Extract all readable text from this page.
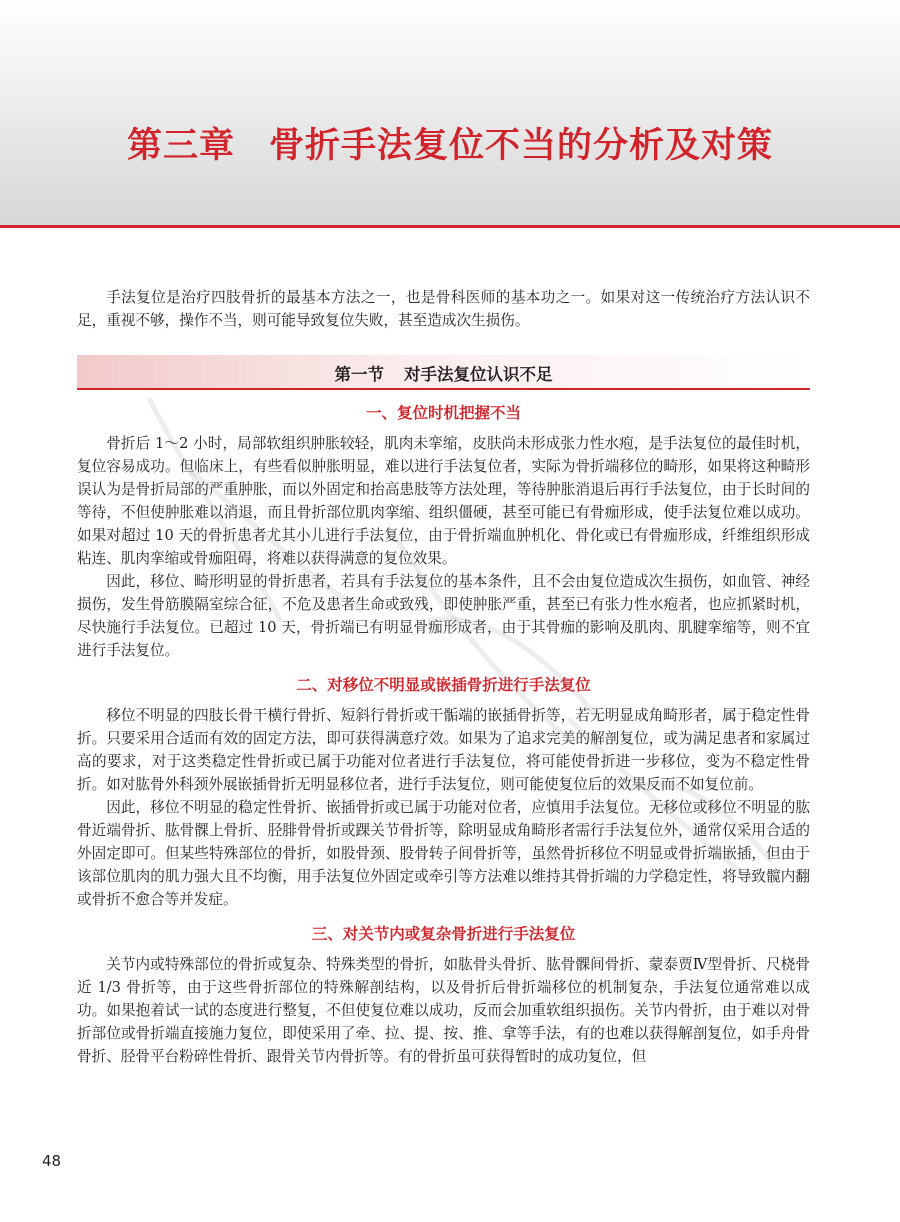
第三章 骨折手法复位不当的分析及对策

手法复位是治疗四肢骨折的最基本方法之一，也是骨科医师的基本功之一。如果对这一传统治疗方法认识不足，重视不够，操作不当，则可能导致复位失败，甚至造成次生损伤。

第一节 对手法复位认识不足
一、复位时机把握不当

骨折后 1～2 小时，局部软组织肿胀较轻，肌肉未挛缩，皮肤尚未形成张力性水疱，是手法复位的最佳时机，复位容易成功。但临床上，有些看似肿胀明显，难以进行手法复位者，实际为骨折端移位的畸形，如果将这种畸形误认为是骨折局部的严重肿胀，而以外固定和抬高患肢等方法处理，等待肿胀消退后再行手法复位，由于长时间的等待，不但使肿胀难以消退，而且骨折部位肌肉挛缩、组织僵硬，甚至可能已有骨痂形成，使手法复位难以成功。如果对超过 10 天的骨折患者尤其小儿进行手法复位，由于骨折端血肿机化、骨化或已有骨痂形成，纤维组织形成粘连、肌肉挛缩或骨痂阻碍，将难以获得满意的复位效果。

因此，移位、畸形明显的骨折患者，若具有手法复位的基本条件，且不会由复位造成次生损伤，如血管、神经损伤，发生骨筋膜隔室综合征，不危及患者生命或致残，即使肿胀严重，甚至已有张力性水疱者，也应抓紧时机，尽快施行手法复位。已超过 10 天，骨折端已有明显骨痂形成者，由于其骨痂的影响及肌肉、肌腱挛缩等，则不宜进行手法复位。

二、对移位不明显或嵌插骨折进行手法复位

移位不明显的四肢长骨干横行骨折、短斜行骨折或干骺端的嵌插骨折等，若无明显成角畸形者，属于稳定性骨折。只要采用合适而有效的固定方法，即可获得满意疗效。如果为了追求完美的解剖复位，或为满足患者和家属过高的要求，对于这类稳定性骨折或已属于功能对位者进行手法复位，将可能使骨折进一步移位，变为不稳定性骨折。如对肱骨外科颈外展嵌插骨折无明显移位者，进行手法复位，则可能使复位后的效果反而不如复位前。

因此，移位不明显的稳定性骨折、嵌插骨折或已属于功能对位者，应慎用手法复位。无移位或移位不明显的肱骨近端骨折、肱骨髁上骨折、胫腓骨骨折或踝关节骨折等，除明显成角畸形者需行手法复位外，通常仅采用合适的外固定即可。但某些特殊部位的骨折，如股骨颈、股骨转子间骨折等，虽然骨折移位不明显或骨折端嵌插，但由于该部位肌肉的肌力强大且不均衡，用手法复位外固定或牵引等方法难以维持其骨折端的力学稳定性，将导致髋内翻或骨折不愈合等并发症。

三、对关节内或复杂骨折进行手法复位

关节内或特殊部位的骨折或复杂、特殊类型的骨折，如肱骨头骨折、肱骨髁间骨折、蒙泰贾Ⅳ型骨折、尺桡骨近 1/3 骨折等，由于这些骨折部位的特殊解剖结构，以及骨折后骨折端移位的机制复杂，手法复位通常难以成功。如果抱着试一试的态度进行整复，不但使复位难以成功，反而会加重软组织损伤。关节内骨折，由于难以对骨折部位或骨折端直接施力复位，即使采用了牵、拉、提、按、推、拿等手法，有的也难以获得解剖复位，如手舟骨骨折、胫骨平台粉碎性骨折、跟骨关节内骨折等。有的骨折虽可获得暂时的成功复位，但

48
